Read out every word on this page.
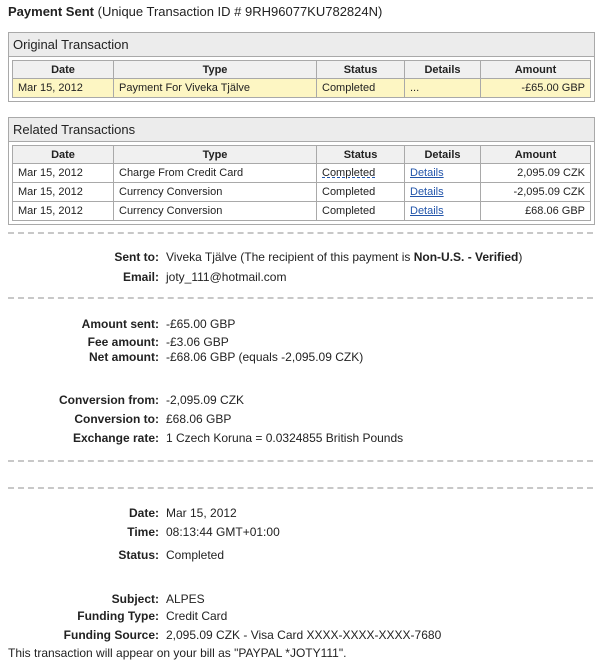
Payment Sent (Unique Transaction ID # 9RH96077KU782824N)
Original Transaction
Date	Type	Status	Details	Amount
Mar 15, 2012	Payment For Viveka Tjälve	Completed	...	-£65.00 GBP
Related Transactions
Date	Type	Status	Details	Amount
Mar 15, 2012	Charge From Credit Card	Completed	Details	2,095.09 CZK
Mar 15, 2012	Currency Conversion	Completed	Details	-2,095.09 CZK
Mar 15, 2012	Currency Conversion	Completed	Details	£68.06 GBP
Sent to: Viveka Tjälve (The recipient of this payment is Non-U.S. - Verified)
Email: joty_111@hotmail.com
Amount sent: -£65.00 GBP
Fee amount: -£3.06 GBP
Net amount: -£68.06 GBP (equals -2,095.09 CZK)
Conversion from: -2,095.09 CZK
Conversion to: £68.06 GBP
Exchange rate: 1 Czech Koruna = 0.0324855 British Pounds
Date: Mar 15, 2012
Time: 08:13:44 GMT+01:00
Status: Completed
Subject: ALPES
Funding Type: Credit Card
Funding Source: 2,095.09 CZK - Visa Card XXXX-XXXX-XXXX-7680
This transaction will appear on your bill as "PAYPAL *JOTY111".
